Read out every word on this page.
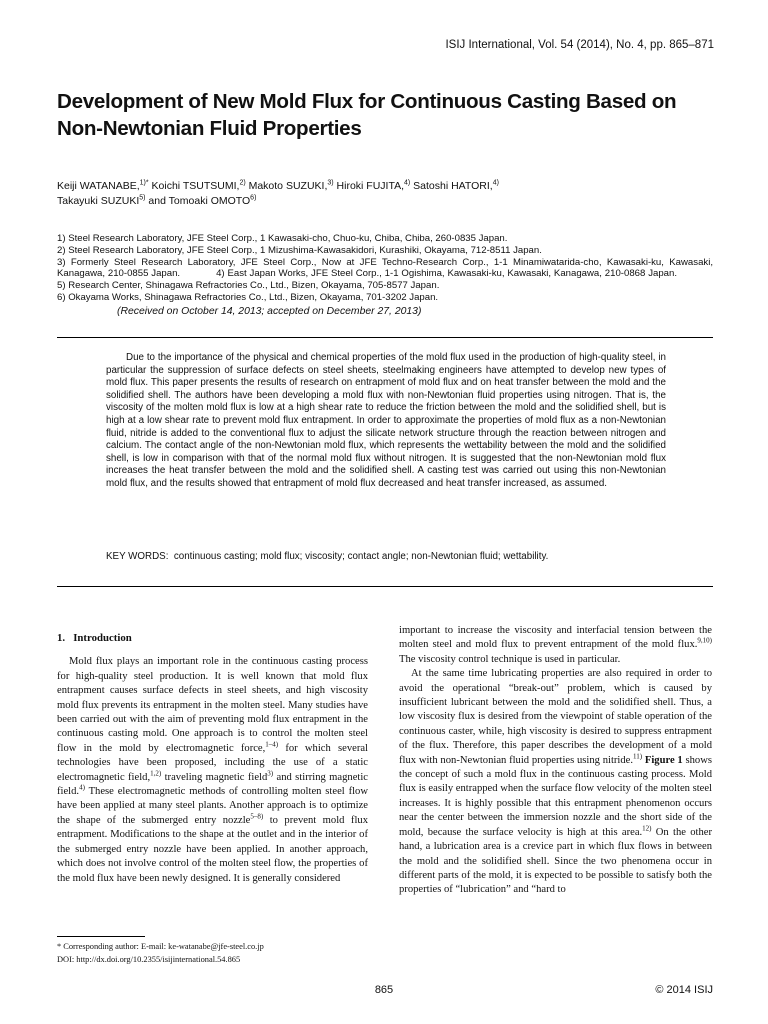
ISIJ International, Vol. 54 (2014), No. 4, pp. 865–871
Development of New Mold Flux for Continuous Casting Based on Non-Newtonian Fluid Properties
Keiji WATANABE,$^{1)*}$ Koichi TSUTSUMI,$^{2)}$ Makoto SUZUKI,$^{3)}$ Hiroki FUJITA,$^{4)}$ Satoshi HATORI,$^{4)}$
Takayuki SUZUKI$^{5)}$ and Tomoaki OMOTO$^{6)}$
1) Steel Research Laboratory, JFE Steel Corp., 1 Kawasaki-cho, Chuo-ku, Chiba, Chiba, 260-0835 Japan.
2) Steel Research Laboratory, JFE Steel Corp., 1 Mizushima-Kawasakidori, Kurashiki, Okayama, 712-8511 Japan.
3) Formerly Steel Research Laboratory, JFE Steel Corp., Now at JFE Techno-Research Corp., 1-1 Minamiwatarida-cho, Kawasaki-ku, Kawasaki, Kanagawa, 210-0855 Japan.	4) East Japan Works, JFE Steel Corp., 1-1 Ogishima, Kawasaki-ku, Kawasaki, Kanagawa, 210-0868 Japan.5) Research Center, Shinagawa Refractories Co., Ltd., Bizen, Okayama, 705-8577 Japan.
6) Okayama Works, Shinagawa Refractories Co., Ltd., Bizen, Okayama, 701-3202 Japan.
(Received on October 14, 2013; accepted on December 27, 2013)

Due to the importance of the physical and chemical properties of the mold flux used in the production of high-quality steel, in particular the suppression of surface defects on steel sheets, steelmaking engineers have attempted to develop new types of mold flux. This paper presents the results of research on entrapment of mold flux and on heat transfer between the mold and the solidified shell. The authors have been developing a mold flux with non-Newtonian fluid properties using nitrogen. That is, the viscosity of the molten mold flux is low at a high shear rate to reduce the friction between the mold and the solidified shell, but is high at a low shear rate to prevent mold flux entrapment. In order to approximate the properties of mold flux as a non-Newtonian fluid, nitride is added to the conventional flux to adjust the silicate network structure through the reaction between nitrogen and calcium. The contact angle of the non-Newtonian mold flux, which represents the wettability between the mold and the solidified shell, is low in comparison with that of the normal mold flux without nitrogen. It is suggested that the non-Newtonian mold flux increases the heat transfer between the mold and the solidified shell. A casting test was carried out using this non-Newtonian mold flux, and the results showed that entrapment of mold flux decreased and heat transfer increased, as assumed.

KEY WORDS: continuous casting; mold flux; viscosity; contact angle; non-Newtonian fluid; wettability.
1.   Introduction

Mold flux plays an important role in the continuous casting process for high-quality steel production. It is well known that mold flux entrapment causes surface defects in steel sheets, and high viscosity mold flux prevents its entrapment in the molten steel. Many studies have been carried out with the aim of preventing mold flux entrapment in the continuous casting mold. One approach is to control the molten steel flow in the mold by electromagnetic force,$^{1-4)}$ for which several technologies have been proposed, including the use of a static electromagnetic field,$^{1,2)}$ traveling magnetic field$^{3)}$ and stirring magnetic field.$^{4)}$ These electromagnetic methods of controlling molten steel flow have been applied at many steel plants. Another approach is to optimize the shape of the submerged entry nozzle$^{5-8)}$ to prevent mold flux entrapment. Modifications to the shape at the outlet and in the interior of the submerged entry nozzle have been applied. In another approach, which does not involve control of the molten steel flow, the properties of the mold flux have been newly designed. It is generally considered

important to increase the viscosity and interfacial tension between the molten steel and mold flux to prevent entrapment of the mold flux.$^{9,10)}$ The viscosity control technique is used in particular.

At the same time lubricating properties are also required in order to avoid the operational “break-out” problem, which is caused by insufficient lubricant between the mold and the solidified shell. Thus, a low viscosity flux is desired from the viewpoint of stable operation of the continuous caster, while, high viscosity is desired to suppress entrapment of the flux. Therefore, this paper describes the development of a mold flux with non-Newtonian fluid properties using nitride.$^{11)}$ Figure 1 shows the concept of such a mold flux in the continuous casting process. Mold flux is easily entrapped when the surface flow velocity of the molten steel increases. It is highly possible that this entrapment phenomenon occurs near the center between the immersion nozzle and the short side of the mold, because the surface velocity is high at this area.$^{12)}$ On the other hand, a lubrication area is a crevice part in which flux flows in between the mold and the solidified shell. Since the two phenomena occur in different parts of the mold, it is expected to be possible to satisfy both the properties of “lubrication” and “hard to

* Corresponding author: E-mail: ke-watanabe@jfe-steel.co.jp
DOI: http://dx.doi.org/10.2355/isijinternational.54.865
865	© 2014 ISIJ
